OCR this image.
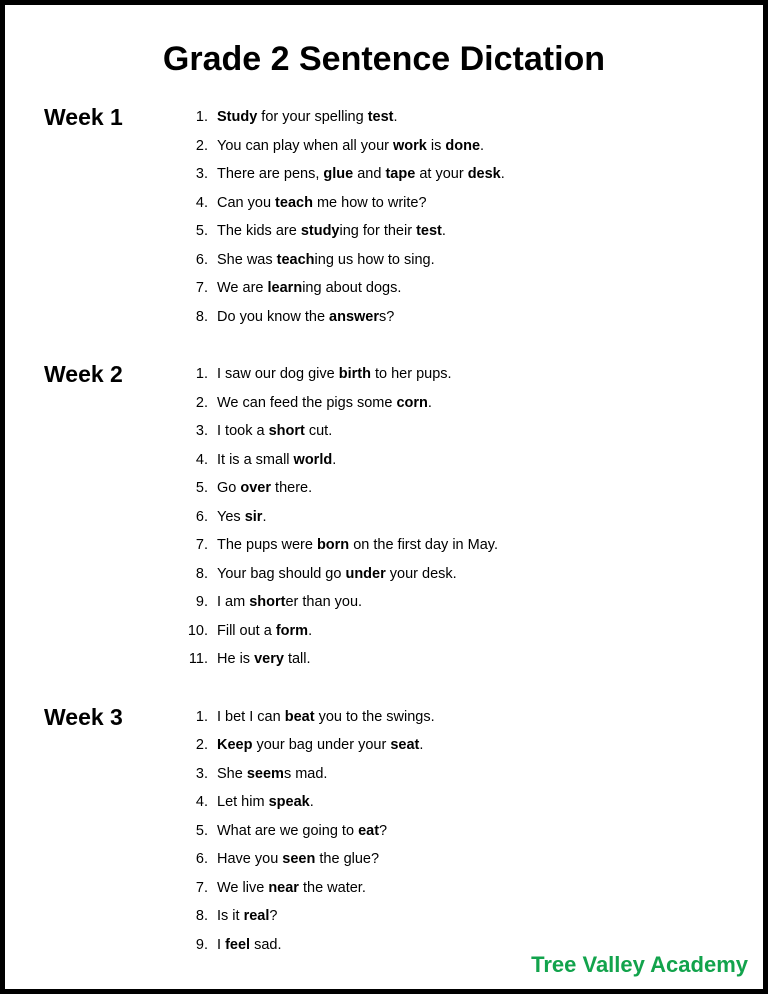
Grade 2 Sentence Dictation
Week 1	1. Study for your spelling test.
2. You can play when all your work is done.
3. There are pens, glue and tape at your desk.
4. Can you teach me how to write?
5. The kids are studying for their test.
6. She was teaching us how to sing.
7. We are learning about dogs.
8. Do you know the answers?
Week 2	1. I saw our dog give birth to her pups.
2. We can feed the pigs some corn.
3. I took a short cut.
4. It is a small world.
5. Go over there.
6. Yes sir.
7. The pups were born on the first day in May.
8. Your bag should go under your desk.
9. I am shorter than you.
10. Fill out a form.
11. He is very tall.
Week 3	1. I bet I can beat you to the swings.
2. Keep your bag under your seat.
3. She seems mad.
4. Let him speak.
5. What are we going to eat?
6. Have you seen the glue?
7. We live near the water.
8. Is it real?
9. I feel sad.
Tree Valley Academy
